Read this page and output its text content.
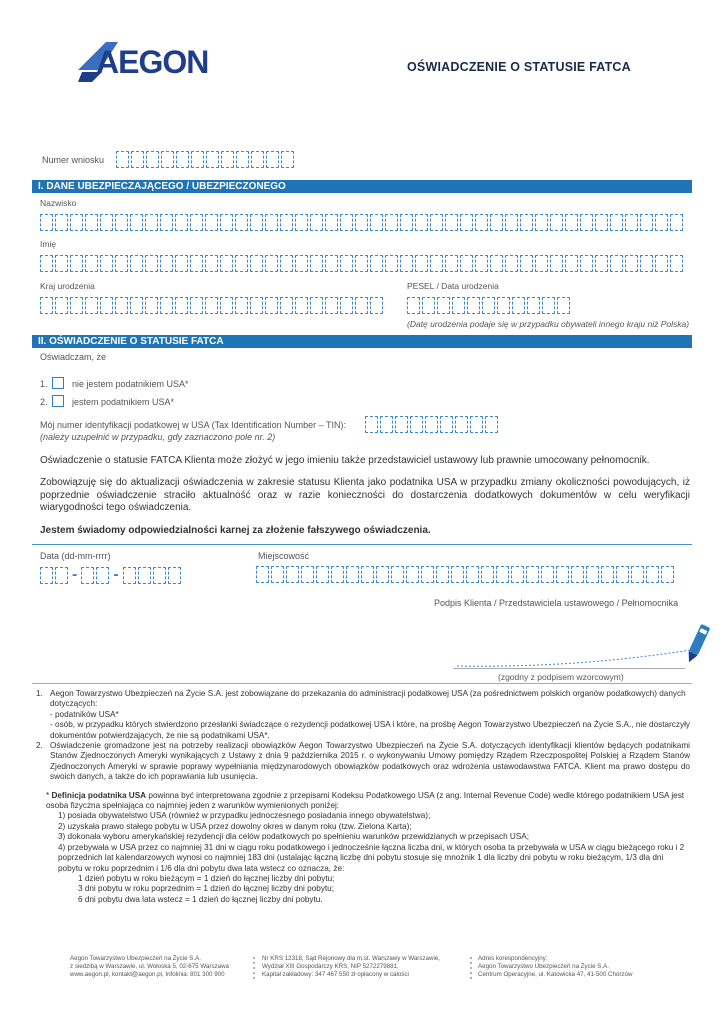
AEGON	OŚWIADCZENIE O STATUSIE FATCA
Numer wniosku
I. DANE UBEZPIECZAJĄCEGO / UBEZPIECZONEGO
Nazwisko
Imię
Kraj urodzenia	PESEL / Data urodzenia
(Datę urodzenia podaje się w przypadku obywateli innego kraju niż Polska)
II. OŚWIADCZENIE O STATUSIE FATCA
Oświadczam, że
1.	nie jestem podatnikiem USA*
2.	jestem podatnikiem USA*
Mój numer identyfikacji podatkowej w USA (Tax Identification Number – TIN):
(należy uzupełnić w przypadku, gdy zaznaczono pole nr. 2)
Oświadczenie o statusie FATCA Klienta może złożyć w jego imieniu także przedstawiciel ustawowy lub prawnie umocowany pełnomocnik.
Zobowiązuję się do aktualizacji oświadczenia w zakresie statusu Klienta jako podatnika USA w przypadku zmiany okoliczności powodujących, iż poprzednie oświadczenie straciło aktualność oraz w razie konieczności do dostarczenia dodatkowych dokumentów w celu weryfikacji wiarygodności tego oświadczenia.
Jestem świadomy odpowiedzialności karnej za złożenie fałszywego oświadczenia.
Data (dd-mm-rrrr)
- -
Miejscowość
Podpis Klienta / Przedstawiciela ustawowego / Pełnomocnika
(zgodny z podpisem wzorcowym)
1. Aegon Towarzystwo Ubezpieczeń na Życie S.A. jest zobowiązane do przekazania do administracji podatkowej USA (za pośrednictwem polskich organów podatkowych) danych dotyczących:
- podatników USA*
- osób, w przypadku których stwierdzono przesłanki świadczące o rezydencji podatkowej USA i które, na prośbę Aegon Towarzystwo Ubezpieczeń na Życie S.A., nie dostarczyły dokumentów potwierdzających, że nie są podatnikami USA*.
2. Oświadczenie gromadzone jest na potrzeby realizacji obowiązków Aegon Towarzystwo Ubezpieczeń na Życie S.A. dotyczących identyfikacji klientów będących podatnikami Stanów Zjednoczonych Ameryki wynikających z Ustawy z dnia 9 października 2015 r. o wykonywaniu Umowy pomiędzy Rządem Rzeczpospolitej Polskiej a Rządem Stanów Zjednoczonych Ameryki w sprawie poprawy wypełniania międzynarodowych obowiązków podatkowych oraz wdrożenia ustawodawstwa FATCA. Klient ma prawo dostępu do swoich danych, a także do ich poprawiania lub usunięcia.
* Definicja podatnika USA powinna być interpretowana zgodnie z przepisami Kodeksu Podatkowego USA (z ang. Internal Revenue Code) wedle którego podatnikiem USA jest osoba fizyczna spełniająca co najmniej jeden z warunków wymienionych poniżej:
1) posiada obywatelstwo USA (również w przypadku jednoczesnego posiadania innego obywatelstwa);
2) uzyskała prawo stałego pobytu w USA przez dowolny okres w danym roku (tzw. Zielona Karta);
3) dokonała wyboru amerykańskiej rezydencji dla celów podatkowych po spełnieniu warunków przewidzianych w przepisach USA;
4) przebywała w USA przez co najmniej 31 dni w ciągu roku podatkowego i jednocześnie łączna liczba dni, w których osoba ta przebywała w USA w ciągu bieżącego roku i 2 poprzednich lat kalendarzowych wynosi co najmniej 183 dni (ustalając łączną liczbę dni pobytu stosuje się mnożnik 1 dla liczby dni pobytu w roku bieżącym, 1/3 dla dni pobytu w roku poprzednim i 1/6 dla dni pobytu dwa lata wstecz co oznacza, że:
1 dzień pobytu w roku bieżącym = 1 dzień do łącznej liczby dni pobytu;
3 dni pobytu w roku poprzednim = 1 dzień do łącznej liczby dni pobytu;
6 dni pobytu dwa lata wstecz = 1 dzień do łącznej liczby dni pobytu.
Aegon Towarzystwo Ubezpieczeń na Życie S.A.
z siedzibą w Warszawie, ul. Wołoska 5, 02-675 Warszawa
www.aegon.pl, kontakt@aegon.pl, Infolinia: 801 300 900
Nr KRS 12318, Sąd Rejonowy dla m.st. Warszawy w Warszawie,
Wydział XIII Gospodarczy KRS, NIP 5272279881,
Kapitał zakładowy: 347 467 550 zł opłacony w całości
Adres korespondencyjny:
Aegon Towarzystwo Ubezpieczeń na Życie S.A.
Centrum Operacyjne, ul. Katowicka 47, 41-500 Chorzów
